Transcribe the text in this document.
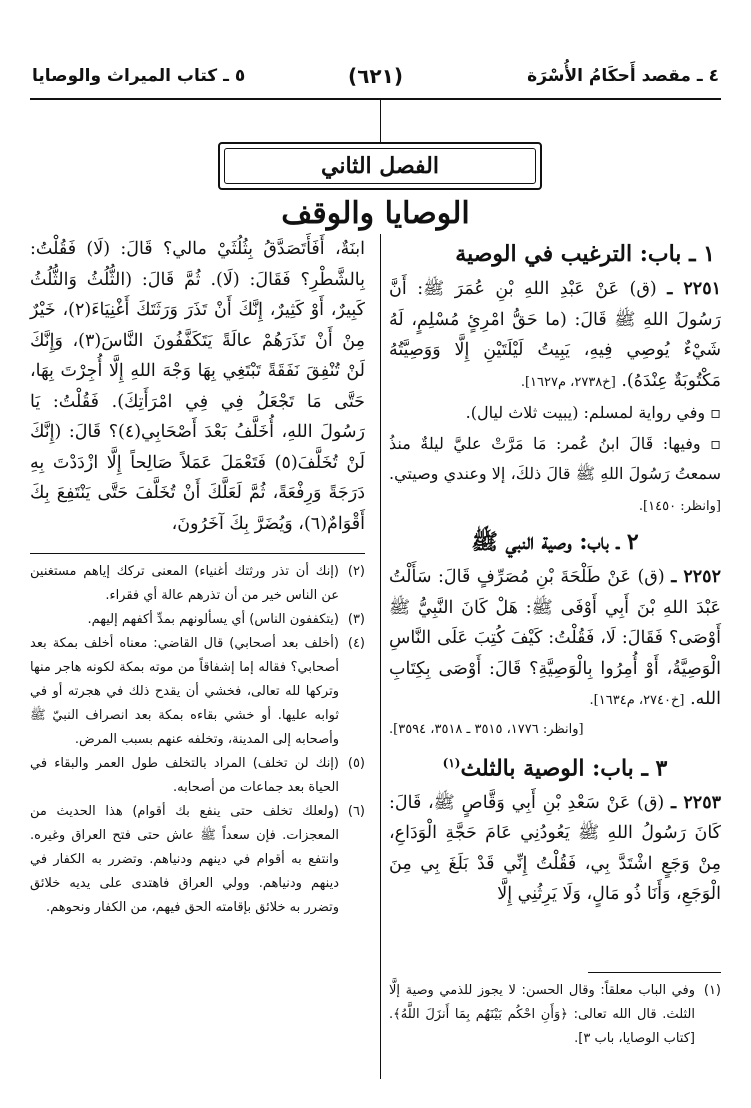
٤ ـ مقصد أَحكَامُ الأُسْرَة
(٦٢١)
٥ ـ كتاب الميراث والوصايا
الفصل الثاني
الوصايا والوقف
١ ـ باب: الترغيب في الوصية
٢٢٥١ ـ (ق) عَنْ عَبْدِ اللهِ بْنِ عُمَرَ ﷺ: أَنَّ رَسُولَ اللهِ ﷺ قَالَ: (ما حَقُّ امْرِئٍ مُسْلِمٍ، لَهُ شَيْءٌ يُوصِي فِيهِ، يَبِيتُ لَيْلَتَيْنِ إِلَّا وَوَصِيَّتُهُ مَكْتُوبَةٌ عِنْدَهُ). [خ٢٧٣٨، م١٦٢٧].
▫ وفي رواية لمسلم: (يبيت ثلاث ليال).
▫ وفيها: قَالَ ابنُ عُمر: مَا مَرَّتْ عليَّ ليلةٌ منذُ سمعتُ رَسُولَ اللهِ ﷺ قالَ ذلكَ، إلا وعندي وصيتي. [وانظر: ١٤٥٠].
٢ ـ باب: وصية النبي ﷺ
٢٢٥٢ ـ (ق) عَنْ طَلْحَةَ بْنِ مُصَرِّفٍ قَالَ: سَأَلْتُ عَبْدَ اللهِ بْنَ أَبِي أَوْفَى ﷺ: هَلْ كَانَ النَّبِيُّ ﷺ أَوْصَى؟ فَقَالَ: لَا، فَقُلْتُ: كَيْفَ كُتِبَ عَلَى النَّاسِ الْوَصِيَّةُ، أَوْ أُمِرُوا بِالْوَصِيَّةِ؟ قَالَ: أَوْصَى بِكِتَابِ الله. [خ٢٧٤٠، م١٦٣٤].
[وانظر: ١٧٧٦، ٣٥١٥ ـ ٣٥١٨، ٣٥٩٤].
٣ ـ باب: الوصية بالثلث$^{(١)}$
٢٢٥٣ ـ (ق) عَنْ سَعْدِ بْنِ أَبِي وَقَّاصٍ ﷺ، قَالَ: كَانَ رَسُولُ اللهِ ﷺ يَعُودُنِي عَامَ حَجَّةِ الْوَدَاعِ، مِنْ وَجَعٍ اشْتَدَّ بِي، فَقُلْتُ إِنِّي قَدْ بَلَغَ بِي مِنَ الْوَجَعِ، وَأَنَا ذُو مَالٍ، وَلَا يَرِثُنِي إِلَّا
(١)
وفي الباب معلقاً: وقال الحسن: لا يجوز للذمي وصية إلَّا الثلث. قال الله تعالى: ﴿وَأَنِ احْكُم بَيْنَهُم بِمَا أَنزَلَ اللَّهُ﴾. [كتاب الوصايا، باب ٣].
ابنَةٌ، أَفَأَتَصَدَّقُ بِثُلُثَيْ مالي؟ قَالَ: (لَا) فَقُلْتُ: بِالشَّطْرِ؟ فَقَالَ: (لَا). ثُمَّ قَالَ: (الثُّلُثُ وَالثُّلُثُ كَبِيرٌ، أَوْ كَثِيرٌ، إِنَّكَ أَنْ تَذَرَ وَرَثَتَكَ أَغْنِيَاءَ(٢)، خَيْرٌ مِنْ أَنْ تَذَرَهُمْ عالَةً يَتَكَفَّفُونَ النَّاسَ(٣)، وَإِنَّكَ لَنْ تُنْفِقَ نَفَقَةً تَبْتَغِي بِهَا وَجْهَ اللهِ إِلَّا أُجِرْتَ بِهَا، حَتَّى مَا تَجْعَلُ فِي فِي امْرَأَتِكَ). فَقُلْتُ: يَا رَسُولَ اللهِ، أُخَلَّفُ بَعْدَ أَصْحَابِي(٤)؟ قَالَ: (إِنَّكَ لَنْ تُخَلَّفَ(٥) فَتَعْمَلَ عَمَلاً صَالِحاً إِلَّا ازْدَدْتَ بِهِ دَرَجَةً وَرِفْعَةً، ثُمَّ لَعَلَّكَ أَنْ تُخَلَّفَ حَتَّى يَنْتَفِعَ بِكَ أَقْوَامٌ(٦)، وَيُضَرَّ بِكَ آخَرُونَ،
(٢)
(إنك أن تذر ورثتك أغنياء) المعنى تركك إياهم مستغنين عن الناس خير من أن تذرهم عالة أي فقراء.
(٣)
(يتكففون الناس) أي يسألونهم بمدِّ أكفهم إليهم.
(٤)
(أخلف بعد أصحابي) قال القاضي: معناه أخلف بمكة بعد أصحابي؟ فقاله إما إشفاقاً من موته بمكة لكونه هاجر منها وتركها لله تعالى، فخشي أن يقدح ذلك في هجرته أو في ثوابه عليها. أو خشي بقاءه بمكة بعد انصراف النبيّ ﷺ وأصحابه إلى المدينة، وتخلفه عنهم بسبب المرض.
(٥)
(إنك لن تخلف) المراد بالتخلف طول العمر والبقاء في الحياة بعد جماعات من أصحابه.
(٦)
(ولعلك تخلف حتى ينفع بك أقوام) هذا الحديث من المعجزات. فإن سعداً ﷺ عاش حتى فتح العراق وغيره. وانتفع به أقوام في دينهم ودنياهم. وتضرر به الكفار في دينهم ودنياهم. وولي العراق فاهتدى على يديه خلائق وتضرر به خلائق بإقامته الحق فيهم، من الكفار ونحوهم.
